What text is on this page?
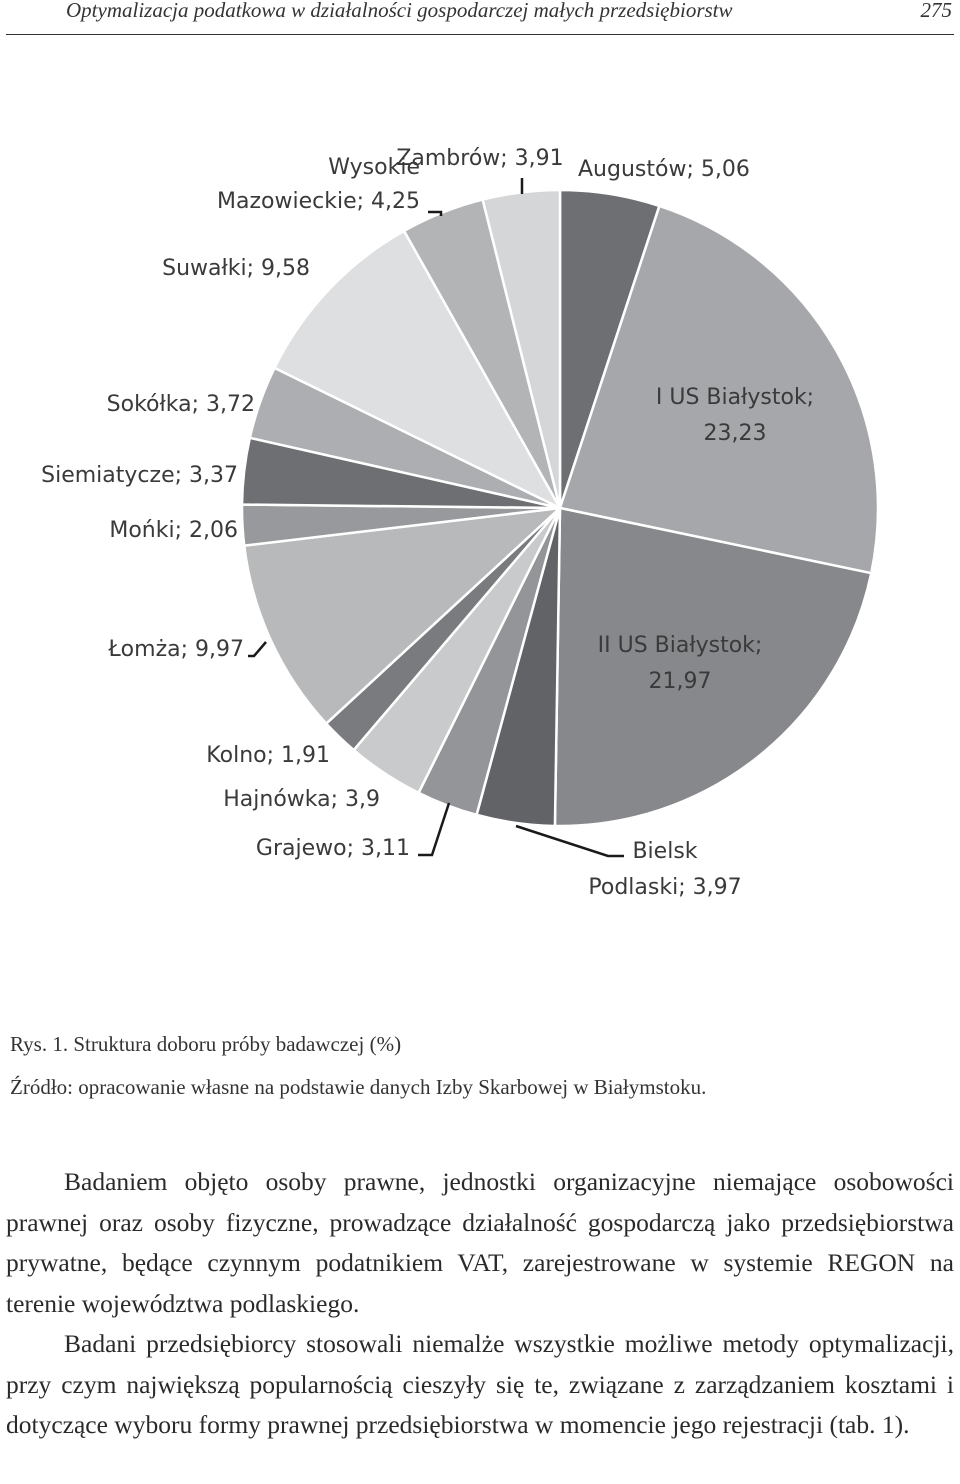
Optymalizacja podatkowa w działalności gospodarczej małych przedsiębiorstw	275
Augustów; 5,06
I US Białystok; 23,23
II US Białystok; 21,97
Bielsk Podlaski; 3,97
Grajewo; 3,11
Hajnówka; 3,9
Kolno; 1,91
Łomża; 9,97
Mońki; 2,06
Siemiatycze; 3,37
Sokółka; 3,72
Suwałki; 9,58
Wysokie Mazowieckie; 4,25
Zambrów; 3,91
Rys. 1. Struktura doboru próby badawczej (%)
Źródło: opracowanie własne na podstawie danych Izby Skarbowej w Białymstoku.

Badaniem objęto osoby prawne, jednostki organizacyjne niemające osobowości prawnej oraz osoby fizyczne, prowadzące działalność gospodarczą jako przedsiębiorstwa prywatne, będące czynnym podatnikiem VAT, zarejestrowane w systemie REGON na terenie województwa podlaskiego.

Badani przedsiębiorcy stosowali niemalże wszystkie możliwe metody optymalizacji, przy czym największą popularnością cieszyły się te, związane z zarządzaniem kosztami i dotyczące wyboru formy prawnej przedsiębiorstwa w momencie jego rejestracji (tab. 1).
